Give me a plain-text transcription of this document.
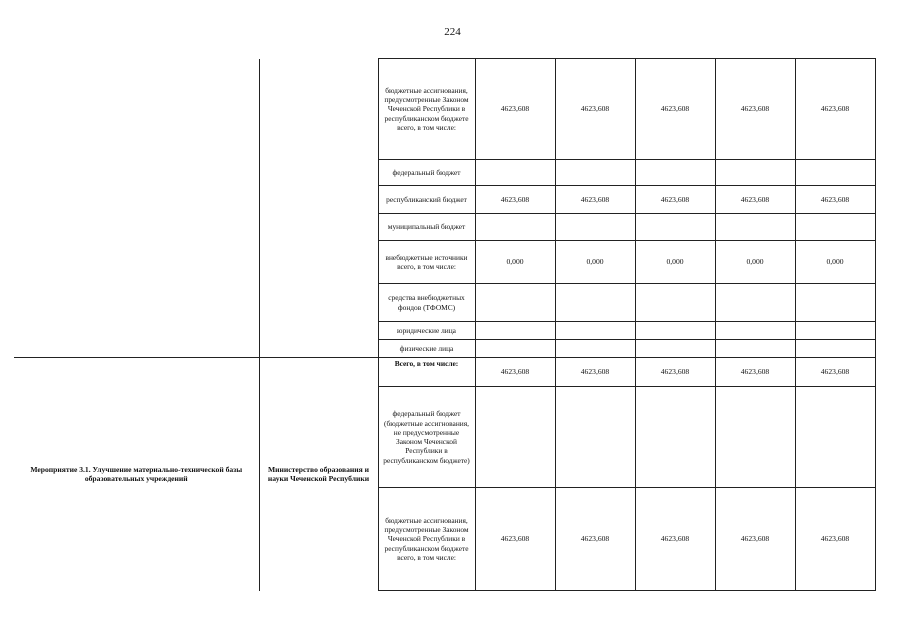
224
		бюджетные ассигнования, предусмотренные Законом Чеченской Республики в республиканском бюджете всего, в том числе:	4623,608	4623,608	4623,608	4623,608	4623,608
		федеральный бюджет					
		республиканский бюджет	4623,608	4623,608	4623,608	4623,608	4623,608
		муниципальный бюджет					
		внебюджетные источники всего, в том числе:	0,000	0,000	0,000	0,000	0,000
		средства внебюджетных фондов (ТФОМС)					
		юридические лица					
		физические лица					
Мероприятие 3.1. Улучшение материально-технической базы образовательных учреждений	Министерство образования и науки Чеченской Республики	Всего, в том числе:	4623,608	4623,608	4623,608	4623,608	4623,608
		федеральный бюджет (бюджетные ассигнования, не предусмотренные Законом Чеченской Республики в республиканском бюджете)					
		бюджетные ассигнования, предусмотренные Законом Чеченской Республики в республиканском бюджете всего, в том числе:	4623,608	4623,608	4623,608	4623,608	4623,608
